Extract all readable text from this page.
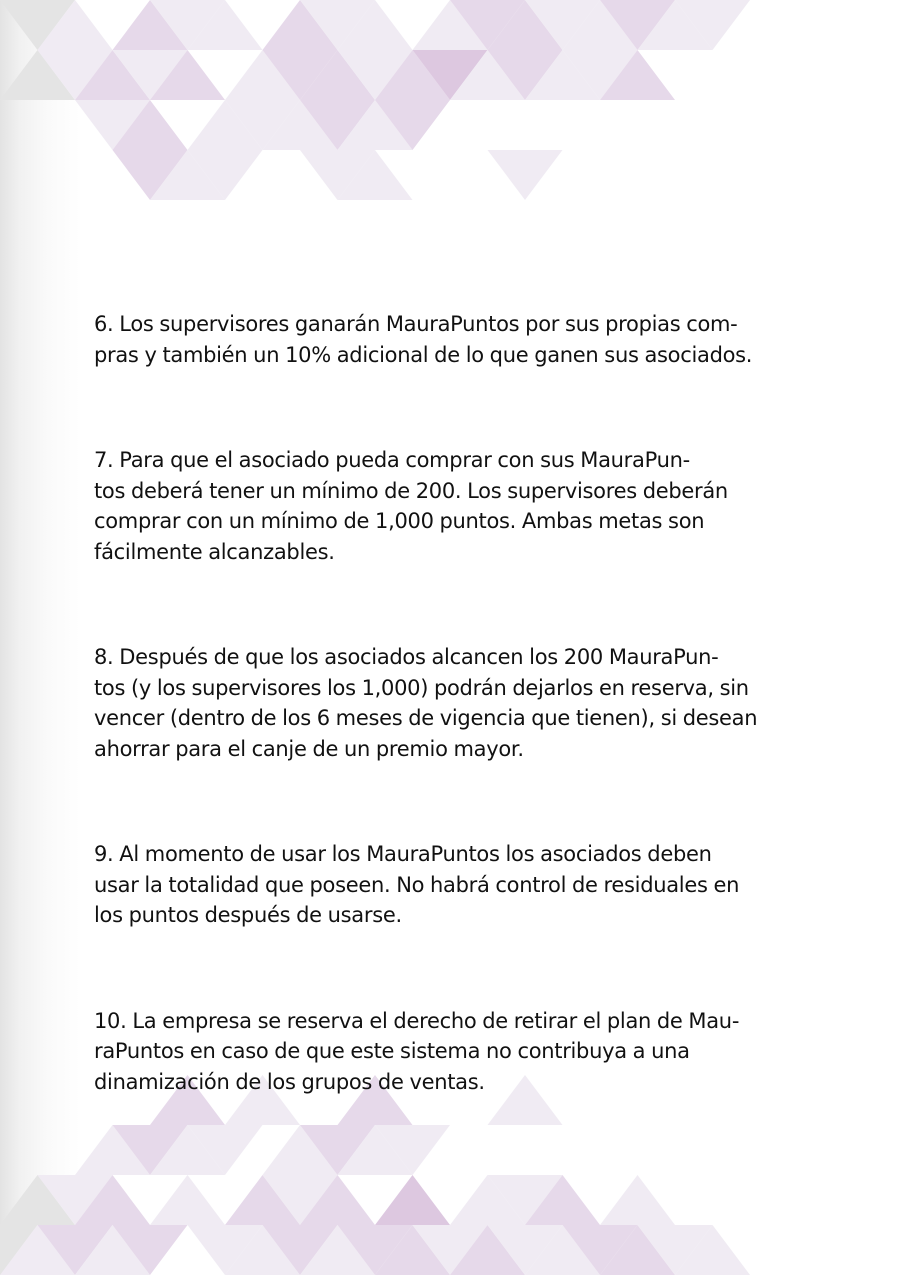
6. Los supervisores ganarán MauraPuntos por sus propias com-
pras y también un 10% adicional de lo que ganen sus asociados.

7. Para que el asociado pueda comprar con sus MauraPun-
tos deberá tener un mínimo de 200. Los supervisores deberán
comprar con un mínimo de 1,000 puntos. Ambas metas son
fácilmente alcanzables.

8. Después de que los asociados alcancen los 200 MauraPun-
tos (y los supervisores los 1,000) podrán dejarlos en reserva, sin
vencer (dentro de los 6 meses de vigencia que tienen), si desean
ahorrar para el canje de un premio mayor.

9. Al momento de usar los MauraPuntos los asociados deben
usar la totalidad que poseen. No habrá control de residuales en
los puntos después de usarse.

10. La empresa se reserva el derecho de retirar el plan de Mau-
raPuntos en caso de que este sistema no contribuya a una
dinamización de los grupos de ventas.
